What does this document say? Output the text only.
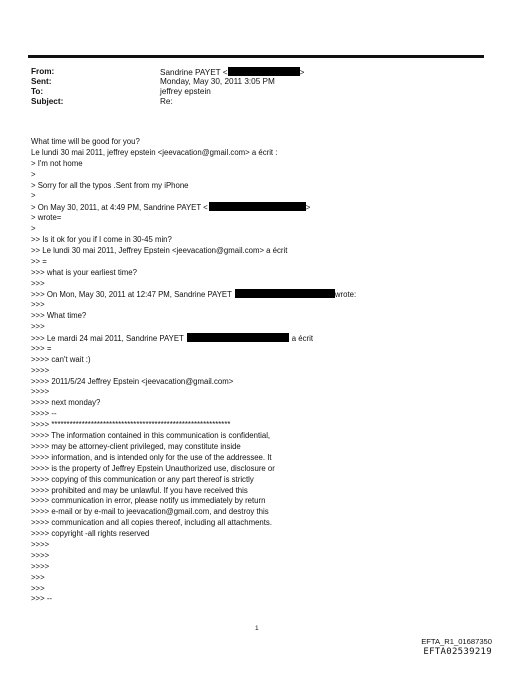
From:	Sandrine PAYET <	>
Sent:	Monday, May 30, 2011 3:05 PM
To:	jeffrey epstein
Subject:	Re:
What time will be good for you?
Le lundi 30 mai 2011, jeffrey epstein <jeevacation@gmail.com> a écrit :
> I'm not home
>
> Sorry for all the typos .Sent from my iPhone
>
> On May 30, 2011, at 4:49 PM, Sandrine PAYET <	>
> wrote=
>
>> Is it ok for you if I come in 30-45 min?
>> Le lundi 30 mai 2011, Jeffrey Epstein <jeevacation@gmail.com> a écrit
>> =
>>> what is your earliest time?
>>>
>>> On Mon, May 30, 2011 at 12:47 PM, Sandrine PAYET	wrote:
>>>
>>> What time?
>>>
>>> Le mardi 24 mai 2011, Sandrine PAYET	a écrit
>>> =
>>>> can't wait :)
>>>>
>>>> 2011/5/24 Jeffrey Epstein <jeevacation@gmail.com>
>>>>
>>>> next monday?
>>>> --
>>>> ***********************************************************
>>>> The information contained in this communication is confidential,
>>>> may be attorney-client privileged, may constitute inside
>>>> information, and is intended only for the use of the addressee. It
>>>> is the property of Jeffrey Epstein Unauthorized use, disclosure or
>>>> copying of this communication or any part thereof is strictly
>>>> prohibited and may be unlawful. If you have received this
>>>> communication in error, please notify us immediately by return
>>>> e-mail or by e-mail to jeevacation@gmail.com, and destroy this
>>>> communication and all copies thereof, including all attachments.
>>>> copyright -all rights reserved
>>>>
>>>>
>>>>
>>>
>>>
>>> --
1
EFTA_R1_01687350
EFTA02539219
